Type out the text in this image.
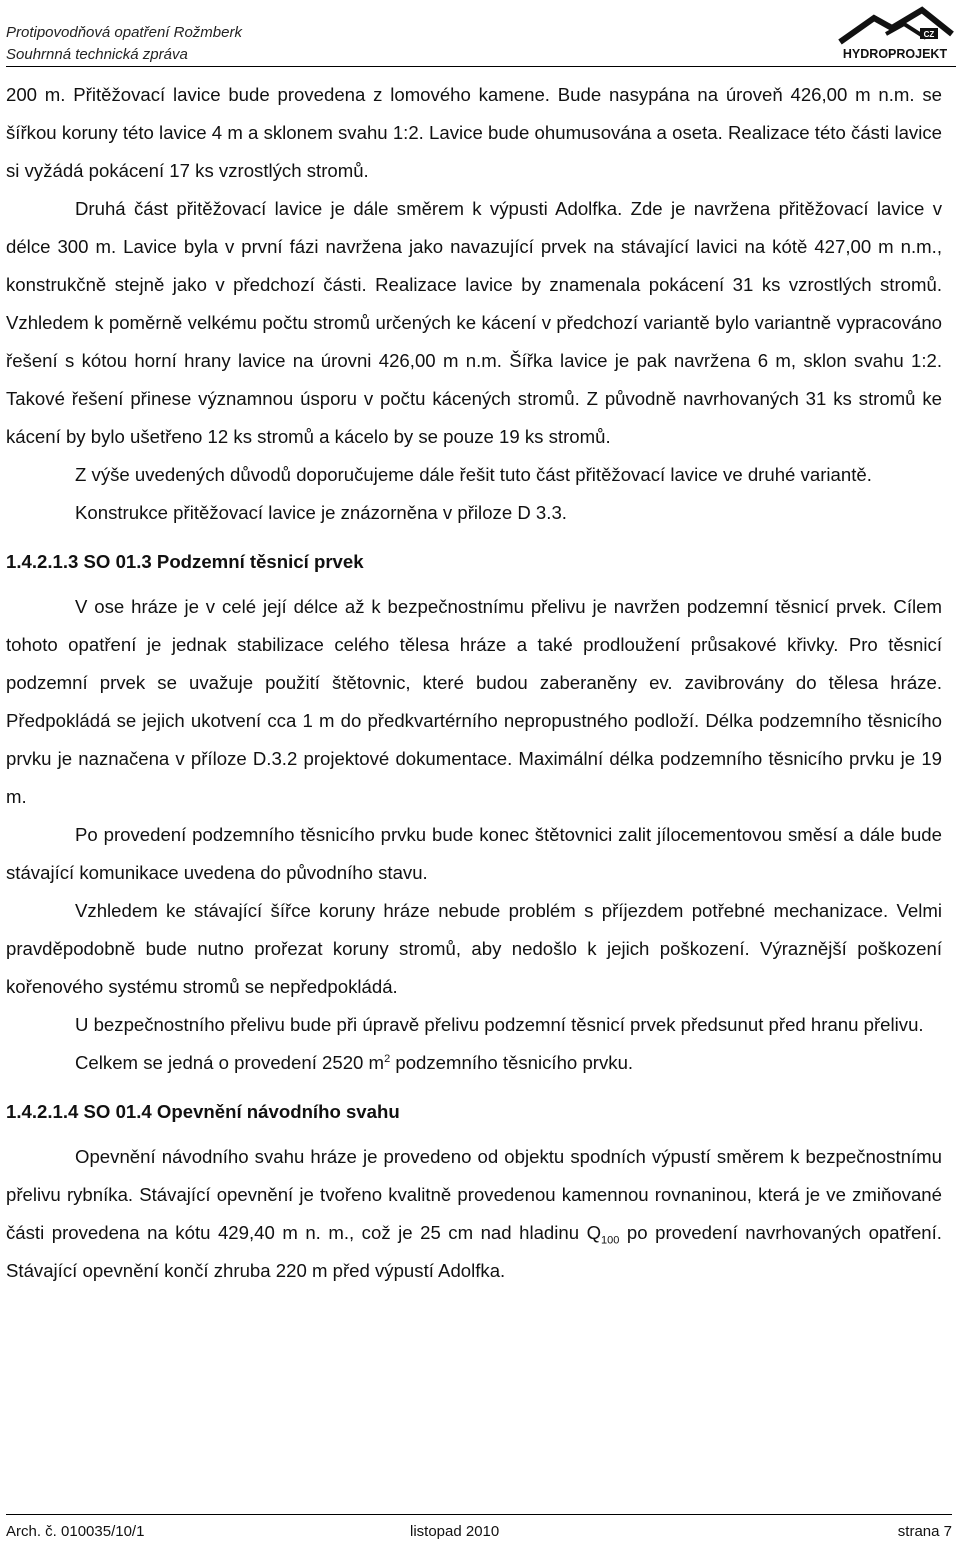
Protipovodňová opatření Rožmberk
Souhrnná technická zpráva
CZ
HYDROPROJEKT

200 m. Přitěžovací lavice bude provedena z lomového kamene. Bude nasypána na úroveň 426,00 m n.m. se šířkou koruny této lavice 4 m a sklonem svahu 1:2. Lavice bude ohumusována a oseta. Realizace této části lavice si vyžádá pokácení 17 ks vzrostlých stromů.

Druhá část přitěžovací lavice je dále směrem k výpusti Adolfka. Zde je navržena přitěžovací lavice v délce 300 m. Lavice byla v první fázi navržena jako navazující prvek na stávající lavici na kótě 427,00 m n.m., konstrukčně stejně jako v předchozí části. Realizace lavice by znamenala pokácení 31 ks vzrostlých stromů. Vzhledem k poměrně velkému počtu stromů určených ke kácení v předchozí variantě bylo variantně vypracováno řešení s kótou horní hrany lavice na úrovni 426,00 m n.m. Šířka lavice je pak navržena 6 m, sklon svahu 1:2. Takové řešení přinese významnou úsporu v počtu kácených stromů. Z původně navrhovaných 31 ks stromů ke kácení by bylo ušetřeno 12 ks stromů a kácelo by se pouze 19 ks stromů.

Z výše uvedených důvodů doporučujeme dále řešit tuto část přitěžovací lavice ve druhé variantě.

Konstrukce přitěžovací lavice je znázorněna v přiloze D 3.3.

1.4.2.1.3 SO 01.3 Podzemní těsnicí prvek

V ose hráze je v celé její délce až k bezpečnostnímu přelivu je navržen podzemní těsnicí prvek. Cílem tohoto opatření je jednak stabilizace celého tělesa hráze a také prodloužení průsakové křivky. Pro těsnicí podzemní prvek se uvažuje použití štětovnic, které budou zaberaněny ev. zavibrovány do tělesa hráze. Předpokládá se jejich ukotvení cca 1 m do předkvartérního nepropustného podloží. Délka podzemního těsnicího prvku je naznačena v příloze D.3.2 projektové dokumentace. Maximální délka podzemního těsnicího prvku je 19 m.

Po provedení podzemního těsnicího prvku bude konec štětovnici zalit jílocementovou směsí a dále bude stávající komunikace uvedena do původního stavu.

Vzhledem ke stávající šířce koruny hráze nebude problém s příjezdem potřebné mechanizace. Velmi pravděpodobně bude nutno prořezat koruny stromů, aby nedošlo k jejich poškození. Výraznější poškození kořenového systému stromů se nepředpokládá.

U bezpečnostního přelivu bude při úpravě přelivu podzemní těsnicí prvek předsunut před hranu přelivu.

Celkem se jedná o provedení 2520 $m^2$ podzemního těsnicího prvku.

1.4.2.1.4 SO 01.4 Opevnění návodního svahu

Opevnění návodního svahu hráze je provedeno od objektu spodních výpustí směrem k bezpečnostnímu přelivu rybníka. Stávající opevnění je tvořeno kvalitně provedenou kamennou rovnaninou, která je ve zmiňované části provedena na kótu 429,40 m n. m., což je 25 cm nad hladinu $Q_{100}$ po provedení navrhovaných opatření. Stávající opevnění končí zhruba 220 m před výpustí Adolfka.

Arch. č. 010035/10/1	listopad 2010	strana 7
